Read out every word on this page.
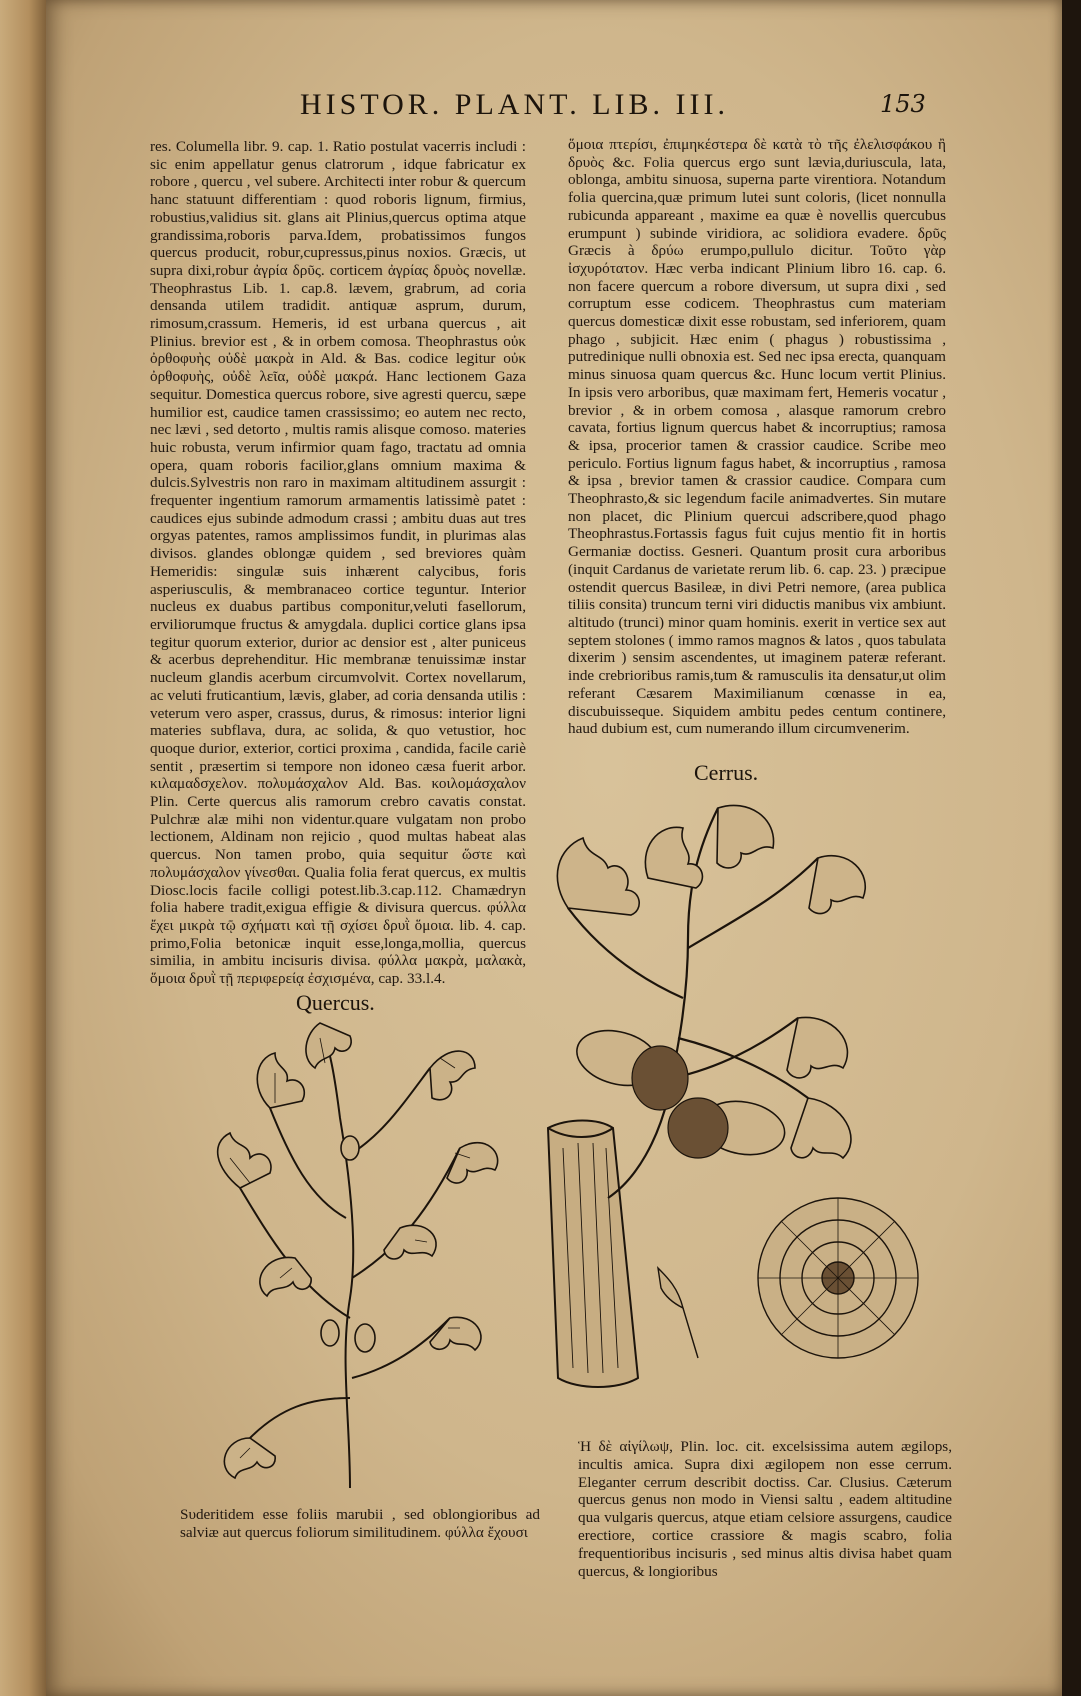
HISTOR. PLANT. LIB. III.	153

res. Columella libr. 9. cap. 1. Ratio postulat vacerris includi : sic enim appellatur genus clatrorum , idque fabricatur ex robore , quercu , vel subere. Architecti inter robur & quercum hanc statuunt differentiam : quod roboris lignum, firmius, robustius,validius sit. glans ait Plinius,quercus optima atque grandissima,roboris parva.Idem, probatissimos fungos quercus producit, robur,cupressus,pinus noxios. Græcis, ut supra dixi,robur ἀγρία δρῦς. corticem ἀγρίας δρυὸς novellæ. Theophrastus Lib. 1. cap.8. lævem, grabrum, ad coria densanda utilem tradidit. antiquæ asprum, durum, rimosum,crassum. Hemeris, id est urbana quercus , ait Plinius. brevior est , & in orbem comosa. Theophrastus οὐκ ὀρθοφυὴς οὐδὲ μακρὰ in Ald. & Bas. codice legitur οὐκ ὀρθοφυὴς, οὐδὲ λεῖα, οὐδὲ μακρά. Hanc lectionem Gaza sequitur. Domestica quercus robore, sive agresti quercu, sæpe humilior est, caudice tamen crassissimo; eo autem nec recto, nec lævi , sed detorto , multis ramis alisque comoso. materies huic robusta, verum infirmior quam fago, tractatu ad omnia opera, quam roboris facilior,glans omnium maxima & dulcis.Sylvestris non raro in maximam altitudinem assurgit : frequenter ingentium ramorum armamentis latissimè patet : caudices ejus subinde admodum crassi ; ambitu duas aut tres orgyas patentes, ramos amplissimos fundit, in plurimas alas divisos. glandes oblongæ quidem , sed breviores quàm Hemeridis: singulæ suis inhærent calycibus, foris asperiusculis, & membranaceo cortice teguntur. Interior nucleus ex duabus partibus componitur,veluti fasellorum, erviliorumque fructus & amygdala. duplici cortice glans ipsa tegitur quorum exterior, durior ac densior est , alter puniceus & acerbus deprehenditur. Hic membranæ tenuissimæ instar nucleum glandis acerbum circumvolvit. Cortex novellarum, ac veluti fruticantium, lævis, glaber, ad coria densanda utilis : veterum vero asper, crassus, durus, & rimosus: interior ligni materies subflava, dura, ac solida, & quo vetustior, hoc quoque durior, exterior, cortici proxima , candida, facile cariè sentit , præsertim si tempore non idoneo cæsa fuerit arbor. κιλαμαδσχελον. πολυμάσχαλον Ald. Bas. κοιλομάσχαλον Plin. Certe quercus alis ramorum crebro cavatis constat. Pulchræ alæ mihi non videntur.quare vulgatam non probo lectionem, Aldinam non rejicio , quod multas habeat alas quercus. Non tamen probo, quia sequitur ὥστε καὶ πολυμάσχαλον γίνεσθαι. Qualia folia ferat quercus, ex multis Diosc.locis facile colligi potest.lib.3.cap.112. Chamædryn folia habere tradit,exigua effigie & divisura quercus. φύλλα ἔχει μικρὰ τῷ σχήματι καὶ τῇ σχίσει δρυῒ ὅμοια. lib. 4. cap. primo,Folia betonicæ inquit esse,longa,mollia, quercus similia, in ambitu incisuris divisa. φύλλα μακρὰ, μαλακὰ, ὅμοια δρυῒ τῇ περιφερείᾳ ἐσχισμένα, cap. 33.l.4.

ὅμοια πτερίσι, ἐπιμηκέστερα δὲ κατὰ τὸ τῆς ἐλελισφάκου ἢ δρυὸς &c. Folia quercus ergo sunt lævia,duriuscula, lata, oblonga, ambitu sinuosa, superna parte virentiora. Notandum folia quercina,quæ primum lutei sunt coloris, (licet nonnulla rubicunda appareant , maxime ea quæ è novellis quercubus erumpunt ) subinde viridiora, ac solidiora evadere. δρῦς Græcis à δρύω erumpo,pullulo dicitur. Τοῦτο γὰρ ἰσχυρότατον. Hæc verba indicant Plinium libro 16. cap. 6. non facere quercum a robore diversum, ut supra dixi , sed corruptum esse codicem. Theophrastus cum materiam quercus domesticæ dixit esse robustam, sed inferiorem, quam phago , subjicit. Hæc enim ( phagus ) robustissima , putredinique nulli obnoxia est. Sed nec ipsa erecta, quanquam minus sinuosa quam quercus &c. Hunc locum vertit Plinius. In ipsis vero arboribus, quæ maximam fert, Hemeris vocatur , brevior , & in orbem comosa , alasque ramorum crebro cavata, fortius lignum quercus habet & incorruptius; ramosa & ipsa, procerior tamen & crassior caudice. Scribe meo periculo. Fortius lignum fagus habet, & incorruptius , ramosa & ipsa , brevior tamen & crassior caudice. Compara cum Theophrasto,& sic legendum facile animadvertes. Sin mutare non placet, dic Plinium quercui adscribere,quod phago Theophrastus.Fortassis fagus fuit cujus mentio fit in hortis Germaniæ doctiss. Gesneri. Quantum prosit cura arboribus (inquit Cardanus de varietate rerum lib. 6. cap. 23. ) præcipue ostendit quercus Basileæ, in divi Petri nemore, (area publica tiliis consita) truncum terni viri diductis manibus vix ambiunt. altitudo (trunci) minor quam hominis. exerit in vertice sex aut septem stolones ( immo ramos magnos & latos , quos tabulata dixerim ) sensim ascendentes, ut imaginem pateræ referant. inde crebrioribus ramis,tum & ramusculis ita densatur,ut olim referant Cæsarem Maximilianum cœnasse in ea, discubuisseque. Siquidem ambitu pedes centum continere, haud dubium est, cum numerando illum circumvenerim.

Quercus.
Cerrus.

Sυderitidem esse foliis marubii , sed oblongioribus ad salviæ aut quercus foliorum similitudinem. φύλλα ἔχουσι

Ἡ δὲ αἰγίλωψ, Plin. loc. cit. excelsissima autem ægilops, incultis amica. Supra dixi ægilopem non esse cerrum. Eleganter cerrum describit doctiss. Car. Clusius. Cæterum quercus genus non modo in Viensi saltu , eadem altitudine qua vulgaris quercus, atque etiam celsiore assurgens, caudice erectiore, cortice crassiore & magis scabro, folia frequentioribus incisuris , sed minus altis divisa habet quam quercus, & longioribus
